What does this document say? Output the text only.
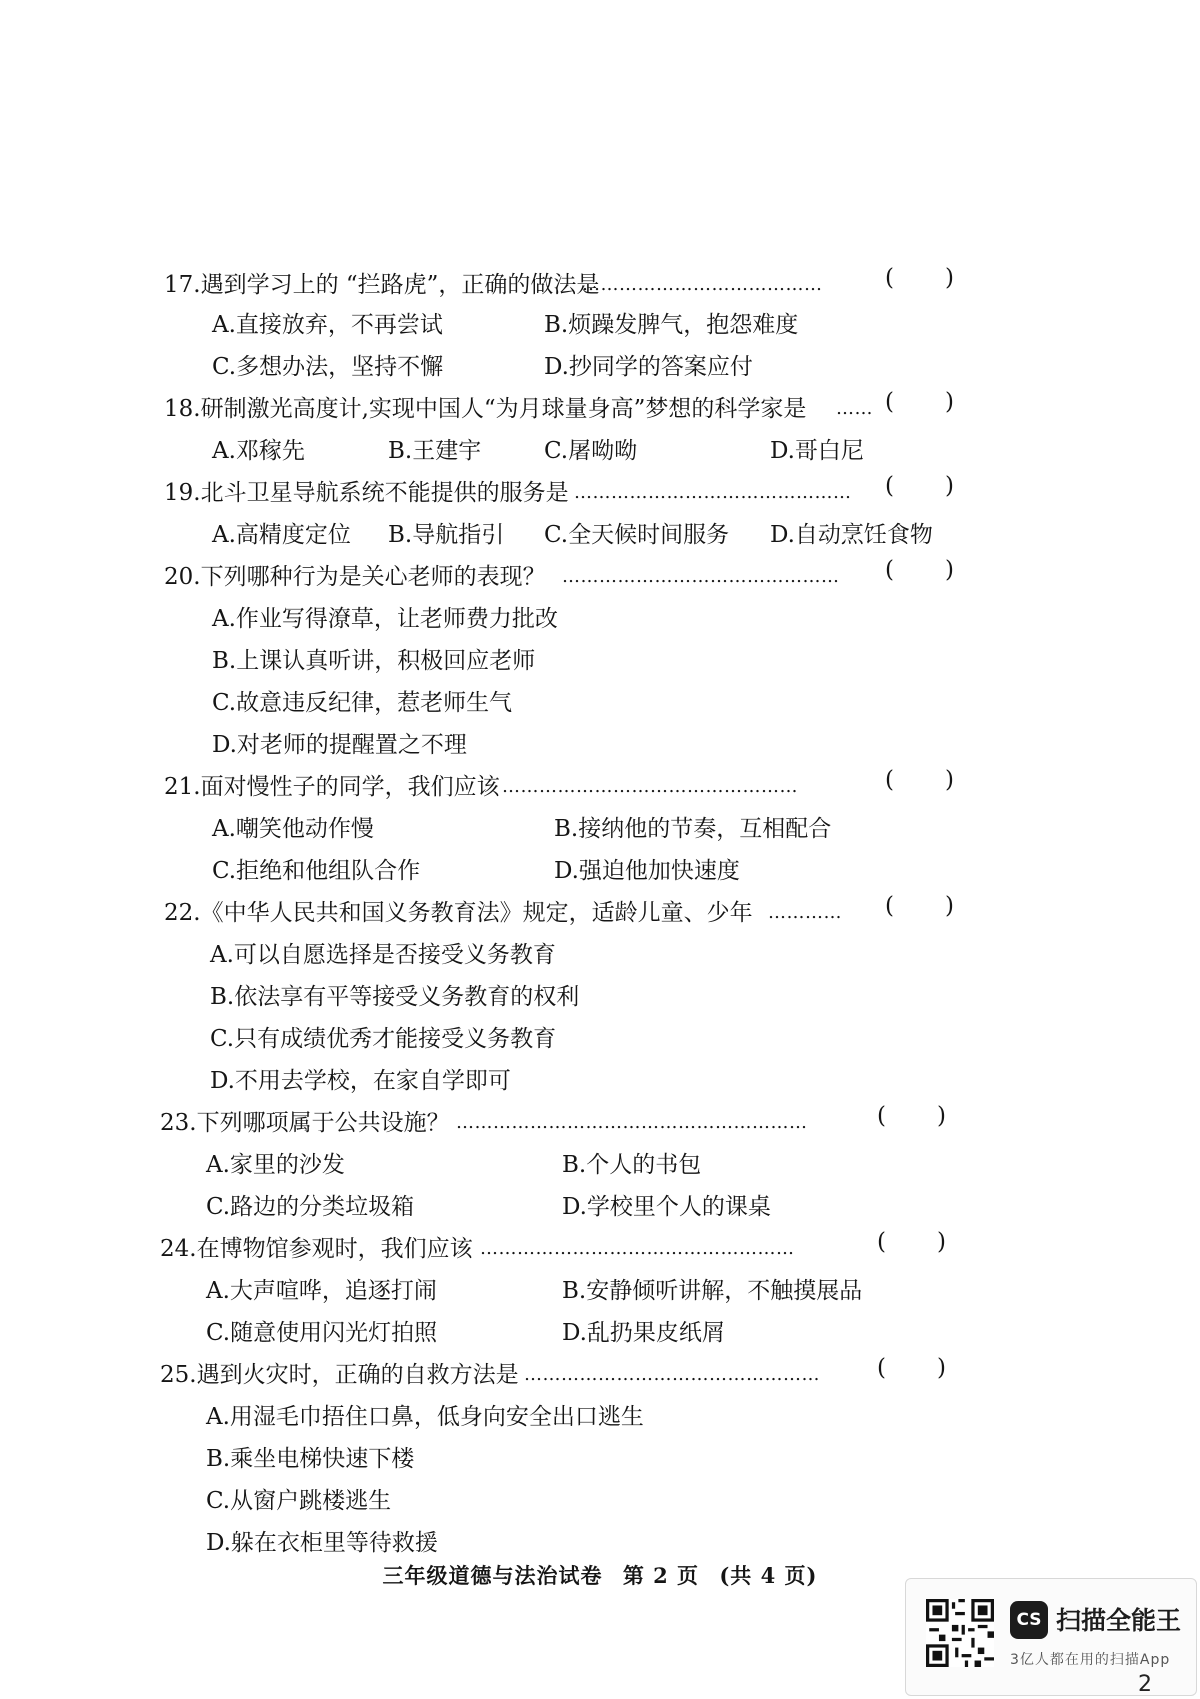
17.遇到学习上的 “拦路虎”，正确的做法是
…………………………………	( )
A.直接放弃，不再尝试	B.烦躁发脾气，抱怨难度
C.多想办法，坚持不懈	D.抄同学的答案应付
18.研制激光高度计,实现中国人“为月球量身高”梦想的科学家是 …… ( )
A.邓稼先	B.王建宇	C.屠呦呦	D.哥白尼
19.北斗卫星导航系统不能提供的服务是 ………………………………………	( )
A.高精度定位 B.导航指引 C.全天候时间服务 D.自动烹饪食物
20.下列哪种行为是关心老师的表现？ ………………………………………	( )
A.作业写得潦草，让老师费力批改
B.上课认真听讲，积极回应老师
C.故意违反纪律，惹老师生气
D.对老师的提醒置之不理
21.面对慢性子的同学，我们应该 …………………………………………	( )
A.嘲笑他动作慢	B.接纳他的节奏，互相配合
C.拒绝和他组队合作	D.强迫他加快速度
22.《中华人民共和国义务教育法》规定，适龄儿童、少年 …………	( )
A.可以自愿选择是否接受义务教育
B.依法享有平等接受义务教育的权利
C.只有成绩优秀才能接受义务教育
D.不用去学校，在家自学即可
23.下列哪项属于公共设施？ …………………………………………………	( )
A.家里的沙发	B.个人的书包
C.路边的分类垃圾箱	D.学校里个人的课桌
24.在博物馆参观时，我们应该 ……………………………………………	( )
A.大声喧哗，追逐打闹	B.安静倾听讲解，不触摸展品
C.随意使用闪光灯拍照	D.乱扔果皮纸屑
25.遇到火灾时，正确的自救方法是 …………………………………………	( )
A.用湿毛巾捂住口鼻，低身向安全出口逃生
B.乘坐电梯快速下楼
C.从窗户跳楼逃生
D.躲在衣柜里等待救援
三年级道德与法治试卷 第 2 页 (共 4 页)
CS 扫描全能王
3亿人都在用的扫描App
2
